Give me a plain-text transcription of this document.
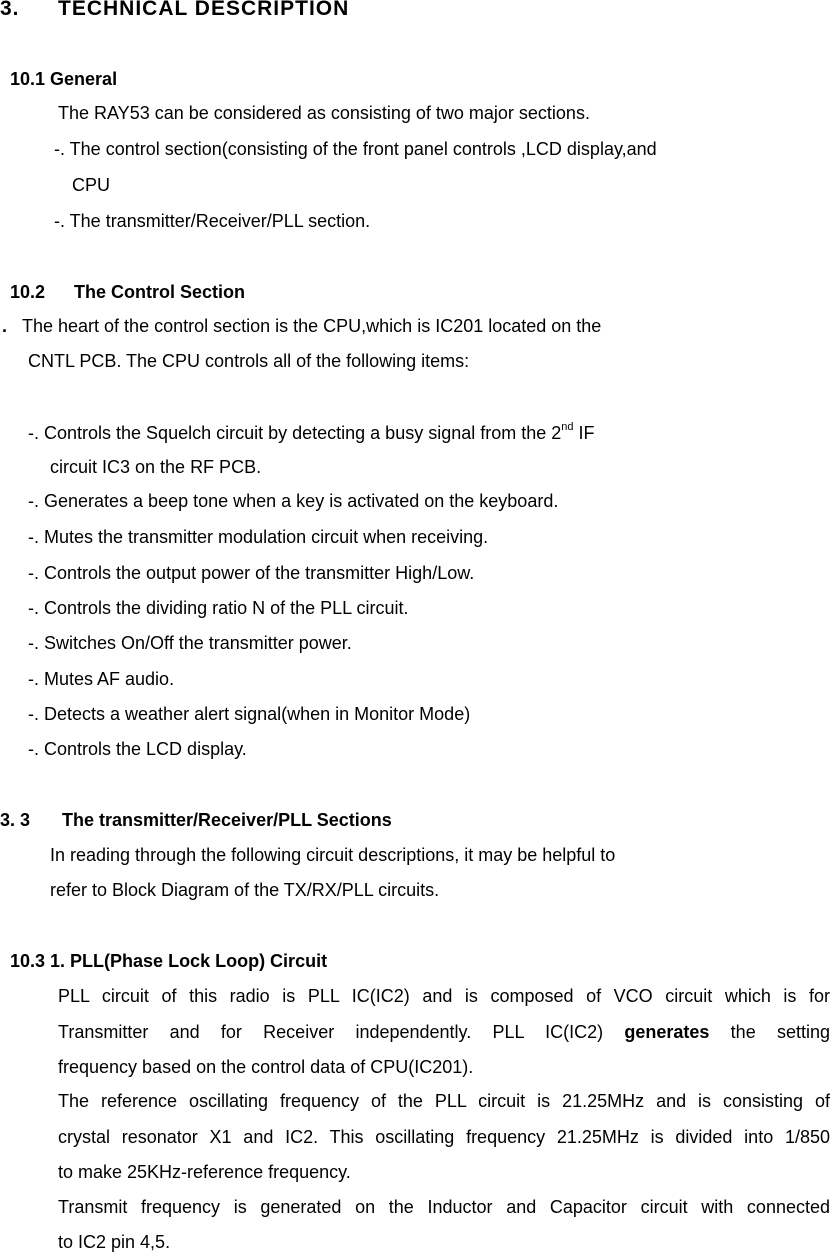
3. TECHNICAL DESCRIPTION
10.1 General
The RAY53 can be considered as consisting of two major sections.
-. The control section(consisting of the front panel controls ,LCD display,and
CPU
-. The transmitter/Receiver/PLL section.
10.2 The Control Section
. The heart of the control section is the CPU,which is IC201 located on the
CNTL PCB. The CPU controls all of the following items:
-. Controls the Squelch circuit by detecting a busy signal from the 2nd IF
circuit IC3 on the RF PCB.
-. Generates a beep tone when a key is activated on the keyboard.
-. Mutes the transmitter modulation circuit when receiving.
-. Controls the output power of the transmitter High/Low.
-. Controls the dividing ratio N of the PLL circuit.
-. Switches On/Off the transmitter power.
-. Mutes AF audio.
-. Detects a weather alert signal(when in Monitor Mode)
-. Controls the LCD display.
3. 3 The transmitter/Receiver/PLL Sections
In reading through the following circuit descriptions, it may be helpful to
refer to Block Diagram of the TX/RX/PLL circuits.
10.3 1. PLL(Phase Lock Loop) Circuit
PLL circuit of this radio is PLL IC(IC2) and is composed of VCO circuit which is for
Transmitter and for Receiver independently. PLL IC(IC2) generates the setting
frequency based on the control data of CPU(IC201).
The reference oscillating frequency of the PLL circuit is 21.25MHz and is consisting of
crystal resonator X1 and IC2. This oscillating frequency 21.25MHz is divided into 1/850
to make 25KHz-reference frequency.
Transmit frequency is generated on the Inductor and Capacitor circuit with connected
to IC2 pin 4,5.
